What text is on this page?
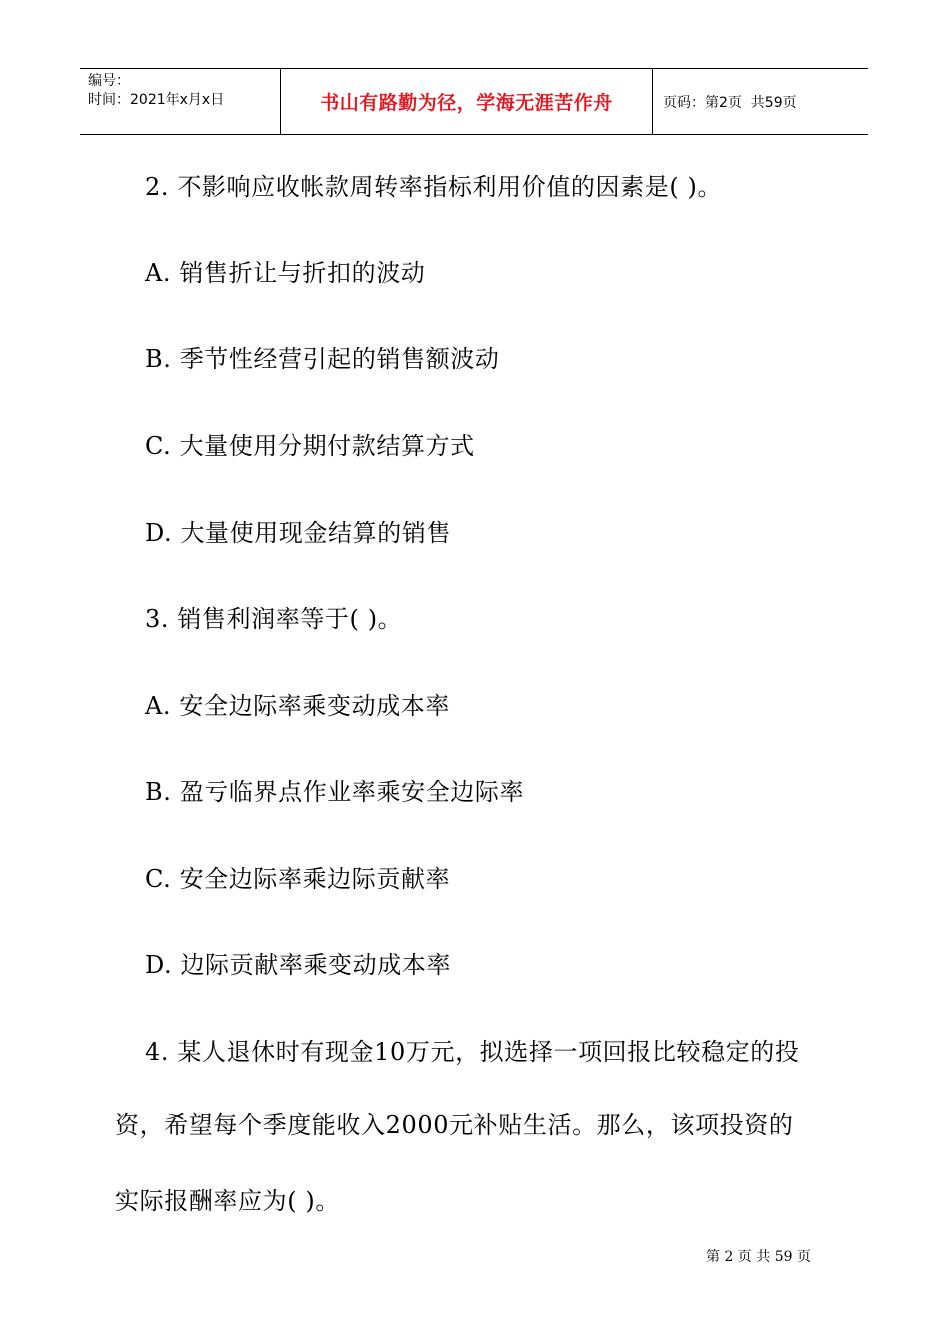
编号：
时间：2021年x月x日	书山有路勤为径，学海无涯苦作舟	页码：第2页  共59页
2. 不影响应收帐款周转率指标利用价值的因素是( )。
A. 销售折让与折扣的波动
B. 季节性经营引起的销售额波动
C. 大量使用分期付款结算方式
D. 大量使用现金结算的销售
3. 销售利润率等于( )。
A. 安全边际率乘变动成本率
B. 盈亏临界点作业率乘安全边际率
C. 安全边际率乘边际贡献率
D. 边际贡献率乘变动成本率
4. 某人退休时有现金10万元，拟选择一项回报比较稳定的投
资，希望每个季度能收入2000元补贴生活。那么，该项投资的
实际报酬率应为( )。
第 2 页 共 59 页
